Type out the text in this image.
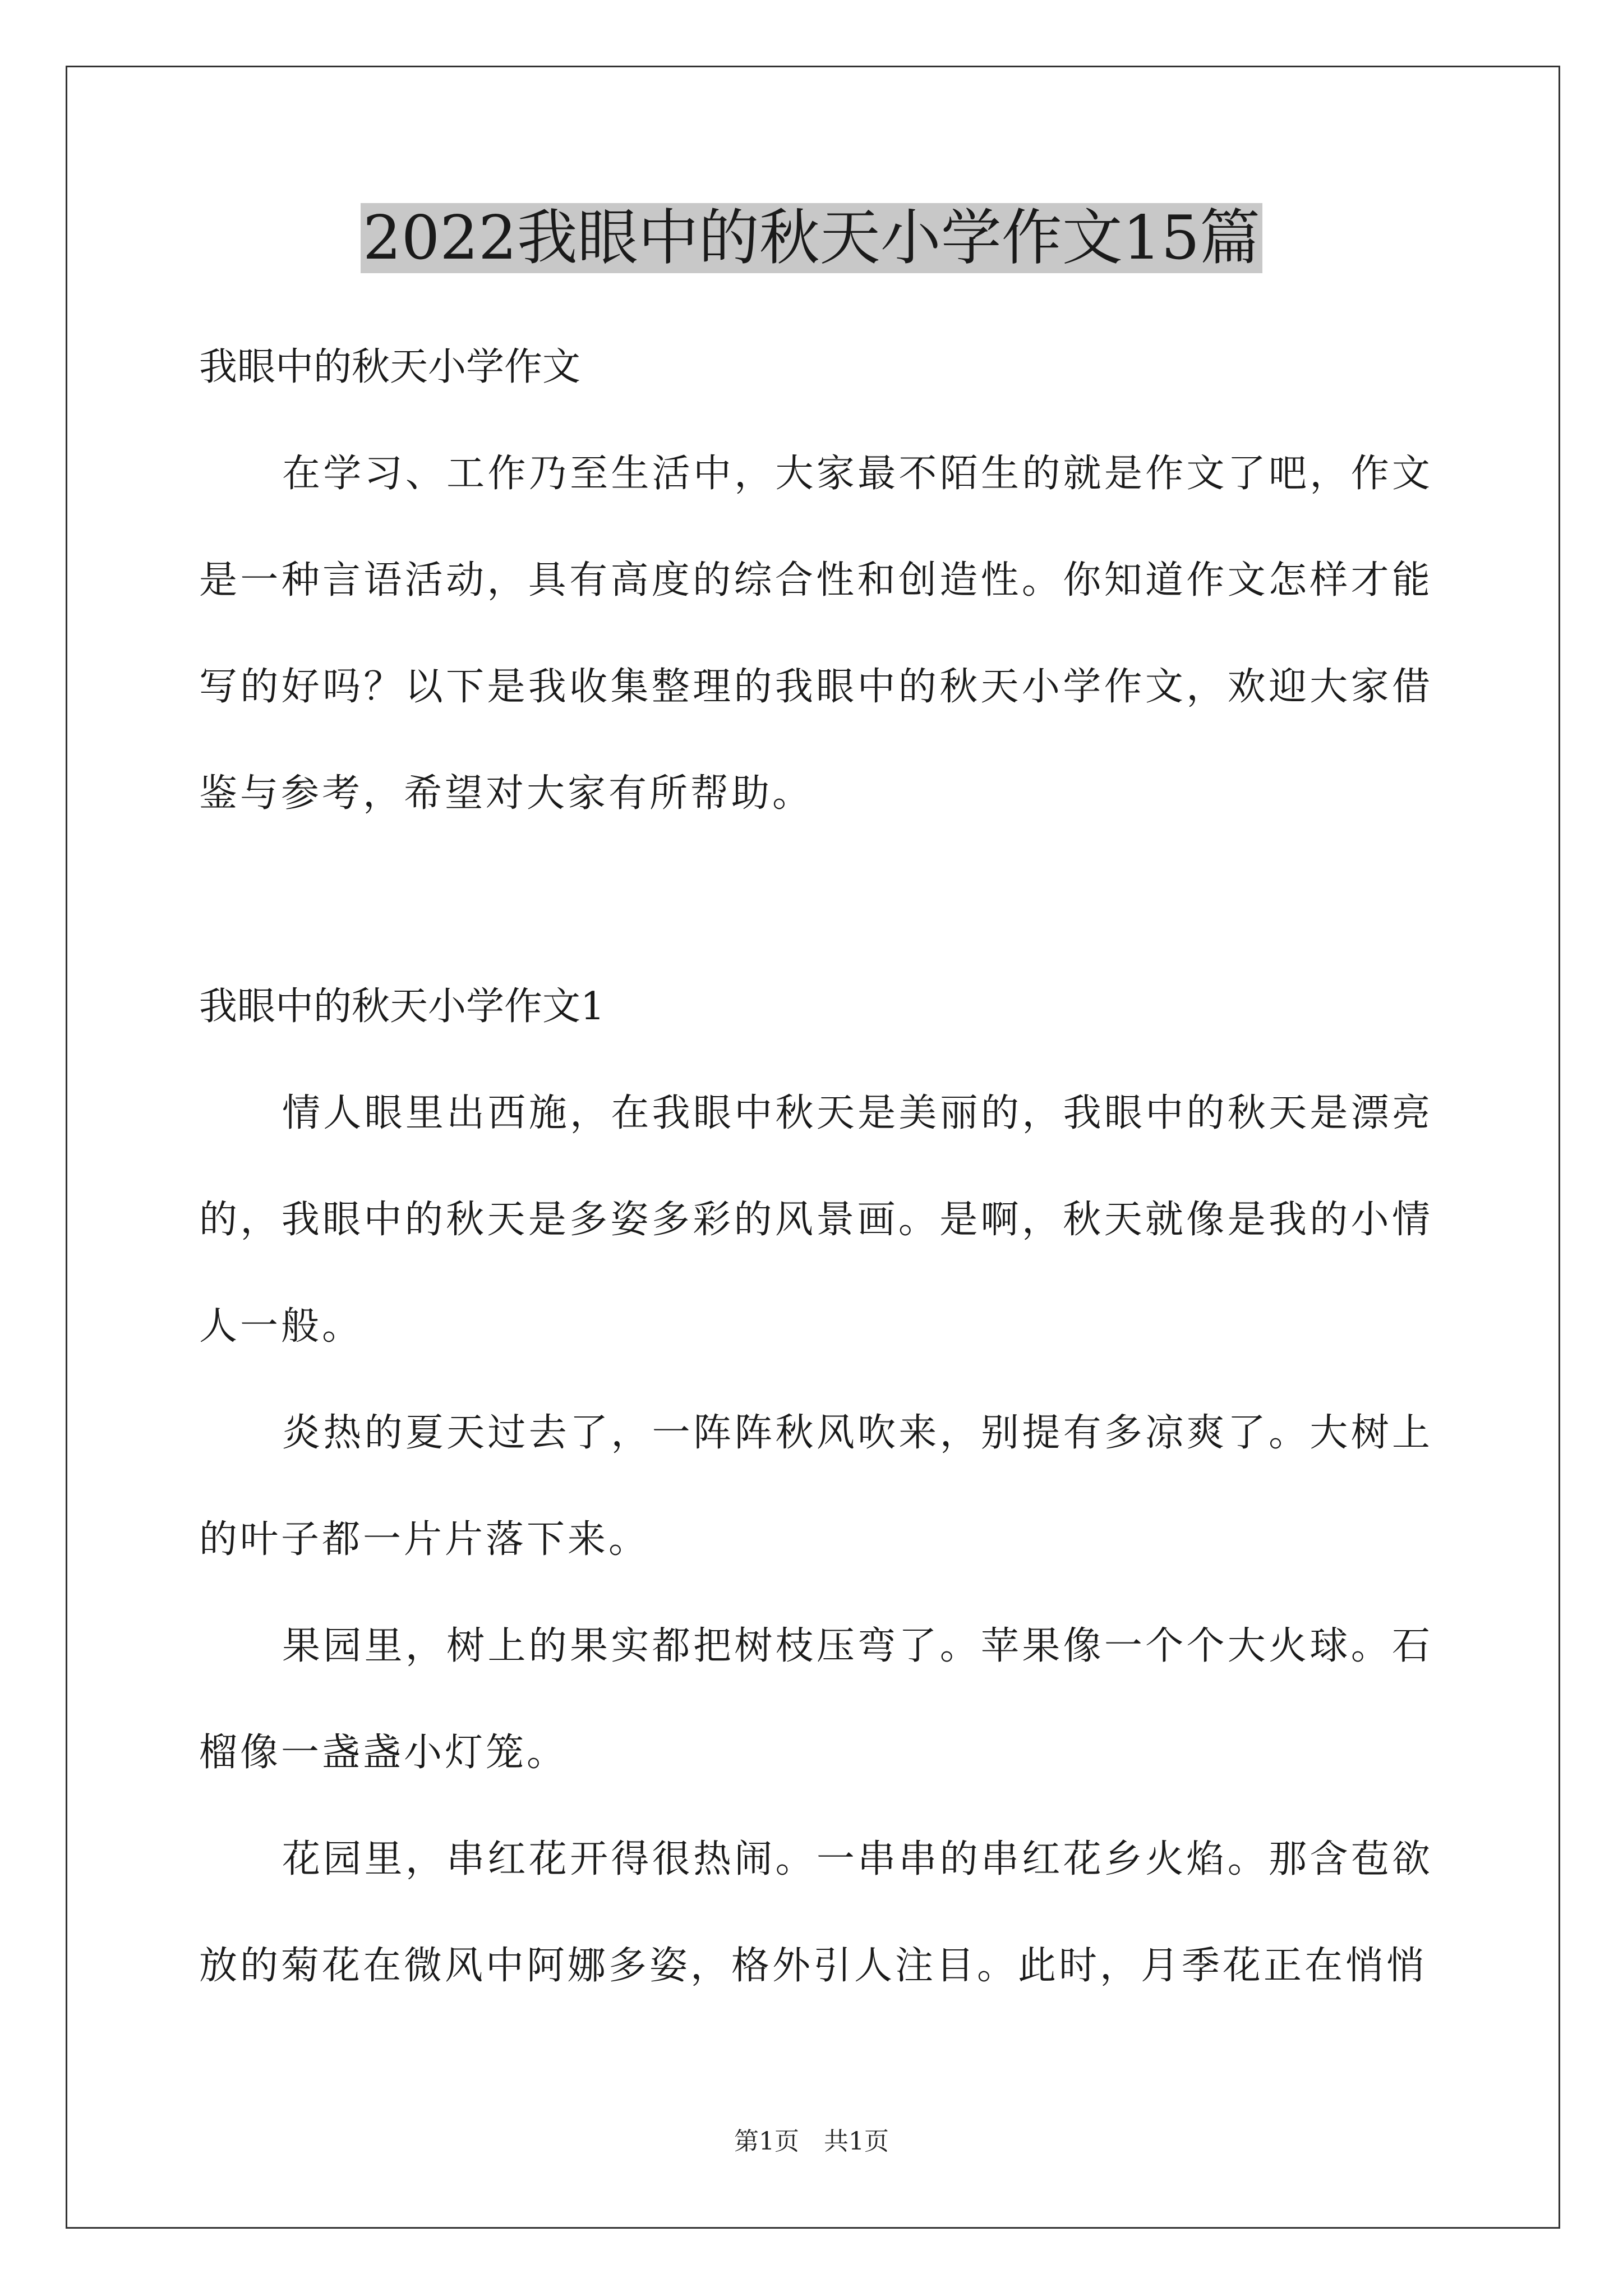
2022我眼中的秋天小学作文15篇

我眼中的秋天小学作文

在学习、工作乃至生活中，大家最不陌生的就是作文了吧，作文是一种言语活动，具有高度的综合性和创造性。你知道作文怎样才能写的好吗？以下是我收集整理的我眼中的秋天小学作文，欢迎大家借鉴与参考，希望对大家有所帮助。

我眼中的秋天小学作文1

情人眼里出西施，在我眼中秋天是美丽的，我眼中的秋天是漂亮的，我眼中的秋天是多姿多彩的风景画。是啊，秋天就像是我的小情人一般。

炎热的夏天过去了，一阵阵秋风吹来，别提有多凉爽了。大树上的叶子都一片片落下来。

果园里，树上的果实都把树枝压弯了。苹果像一个个大火球。石榴像一盏盏小灯笼。

花园里，串红花开得很热闹。一串串的串红花乡火焰。那含苞欲放的菊花在微风中阿娜多姿，格外引人注目。此时，月季花正在悄悄

第1页　共1页
